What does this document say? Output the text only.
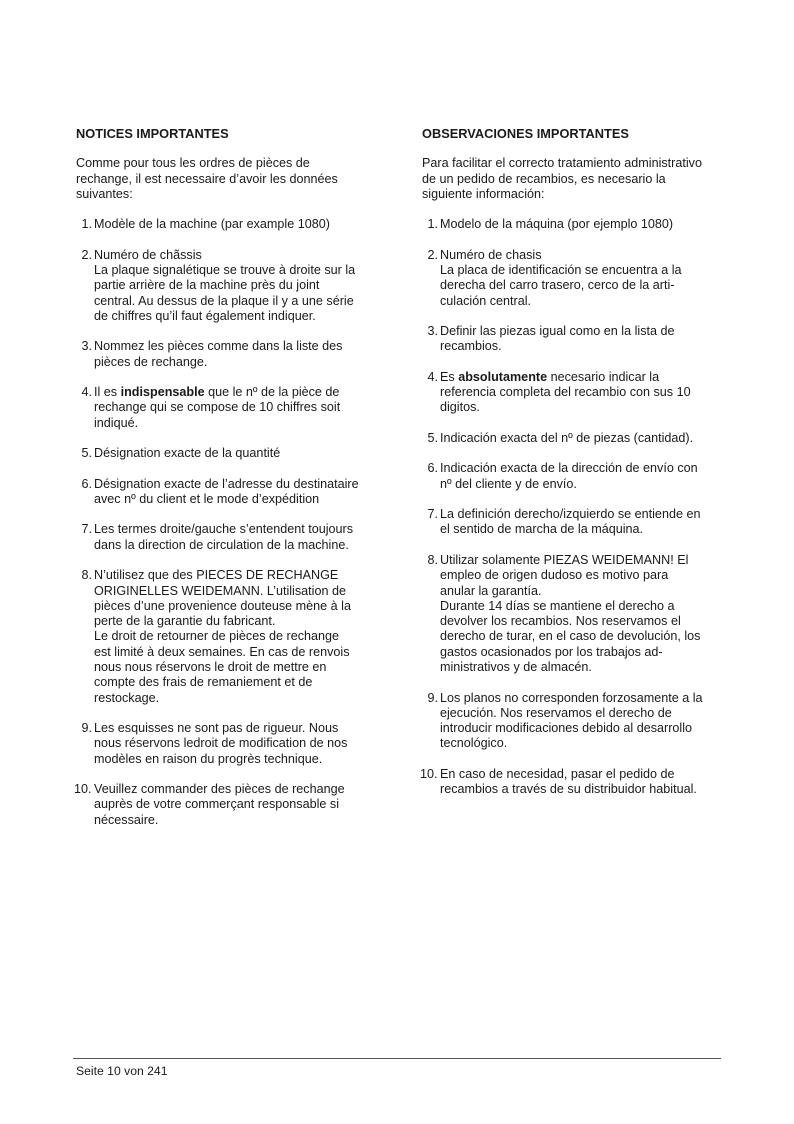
NOTICES IMPORTANTES
Comme pour tous les ordres de pièces de
rechange, il est necessaire d’avoir les données
suivantes:
1. Modèle de la machine (par example 1080)
2. Numéro de chãssis
La plaque signalétique se trouve à droite sur la
partie arrière de la machine près du joint
central. Au dessus de la plaque il y a une série
de chiffres qu’il faut également indiquer.
3. Nommez les pièces comme dans la liste des
pièces de rechange.
4. Il es indispensable que le nº de la pièce de
rechange qui se compose de 10 chiffres soit
indiqué.
5. Désignation exacte de la quantité
6. Désignation exacte de l’adresse du destinataire
avec nº du client et le mode d’expédition
7. Les termes droite/gauche s’entendent toujours
dans la direction de circulation de la machine.
8. N’utilisez que des PIECES DE RECHANGE
ORIGINELLES WEIDEMANN. L’utilisation de
pièces d’une provenience douteuse mène à la
perte de la garantie du fabricant.
Le droit de retourner de pièces de rechange
est limité à deux semaines. En cas de renvois
nous nous réservons le droit de mettre en
compte des frais de remaniement et de
restockage.
9. Les esquisses ne sont pas de rigueur. Nous
nous réservons ledroit de modification de nos
modèles en raison du progrès technique.
10. Veuillez commander des pièces de rechange
auprès de votre commerçant responsable si
nécessaire.
OBSERVACIONES IMPORTANTES
Para facilitar el correcto tratamiento administrativo
de un pedido de recambios, es necesario la
siguiente información:
1. Modelo de la máquina (por ejemplo 1080)
2. Numéro de chasis
La placa de identificación se encuentra a la
derecha del carro trasero, cerco de la arti-
culación central.
3. Definir las piezas igual como en la lista de
recambios.
4. Es absolutamente necesario indicar la
referencia completa del recambio con sus 10
digitos.
5. Indicación exacta del nº de piezas (cantidad).
6. Indicación exacta de la dirección de envío con
nº del cliente y de envío.
7. La definición derecho/izquierdo se entiende en
el sentido de marcha de la máquina.
8. Utilizar solamente PIEZAS WEIDEMANN! El
empleo de origen dudoso es motivo para
anular la garantía.
Durante 14 días se mantiene el derecho a
devolver los recambios. Nos reservamos el
derecho de turar, en el caso de devolución, los
gastos ocasionados por los trabajos ad-
ministrativos y de almacén.
9. Los planos no corresponden forzosamente a la
ejecución. Nos reservamos el derecho de
introducir modificaciones debido al desarrollo
tecnológico.
10. En caso de necesidad, pasar el pedido de
recambios a través de su distribuidor habitual.
Seite 10 von 241
